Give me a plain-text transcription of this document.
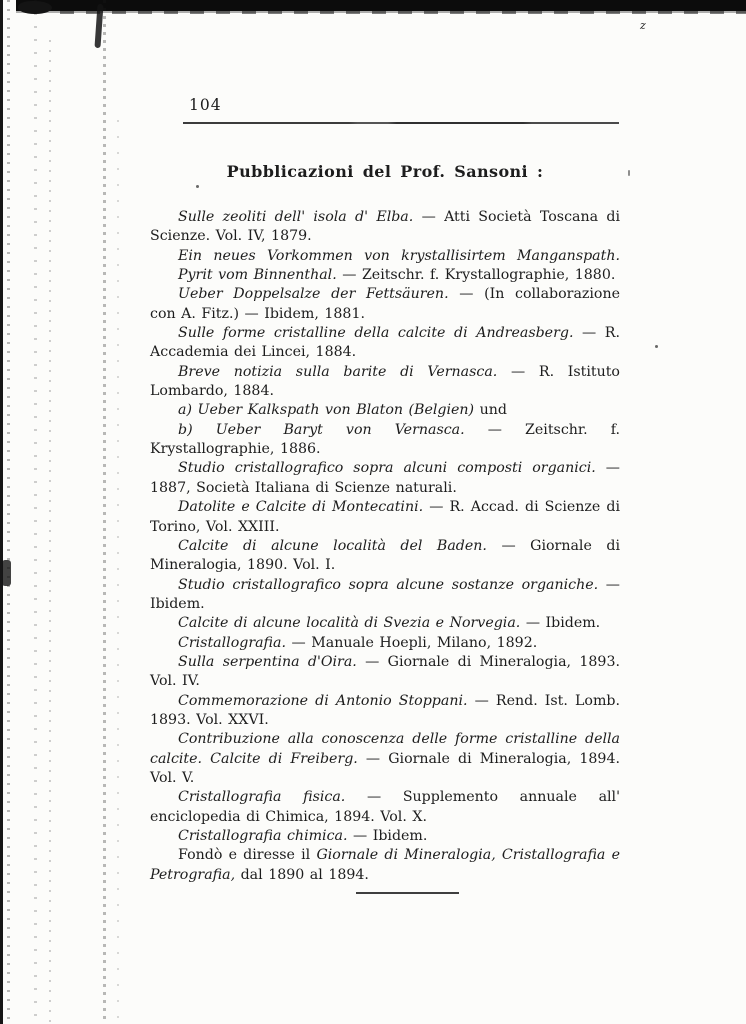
z
104
Pubblicazioni del Prof. Sansoni :

Sulle zeoliti dell' isola d' Elba. — Atti Società Toscana di Scienze. Vol. IV, 1879.

Ein neues Vorkommen von krystallisirtem Manganspath.

Pyrit vom Binnenthal. — Zeitschr. f. Krystallographie, 1880.

Ueber Doppelsalze der Fettsäuren. — (In collaborazione con A. Fitz.) — Ibidem, 1881.

Sulle forme cristalline della calcite di Andreasberg. — R. Accademia dei Lincei, 1884.

Breve notizia sulla barite di Vernasca. — R. Istituto Lombardo, 1884.

a) Ueber Kalkspath von Blaton (Belgien) und

b) Ueber Baryt von Vernasca. — Zeitschr. f. Krystallographie, 1886.

Studio cristallografico sopra alcuni composti organici. — 1887, Società Italiana di Scienze naturali.

Datolite e Calcite di Montecatini. — R. Accad. di Scienze di Torino, Vol. XXIII.

Calcite di alcune località del Baden. — Giornale di Mineralogia, 1890. Vol. I.

Studio cristallografico sopra alcune sostanze organiche. — Ibidem.

Calcite di alcune località di Svezia e Norvegia. — Ibidem.

Cristallografia. — Manuale Hoepli, Milano, 1892.

Sulla serpentina d'Oira. — Giornale di Mineralogia, 1893. Vol. IV.

Commemorazione di Antonio Stoppani. — Rend. Ist. Lomb. 1893. Vol. XXVI.

Contribuzione alla conoscenza delle forme cristalline della calcite. Calcite di Freiberg. — Giornale di Mineralogia, 1894. Vol. V.

Cristallografia fisica. — Supplemento annuale all' enciclopedia di Chimica, 1894. Vol. X.

Cristallografia chimica. — Ibidem.

Fondò e diresse il Giornale di Mineralogia, Cristallografia e Petrografia, dal 1890 al 1894.
